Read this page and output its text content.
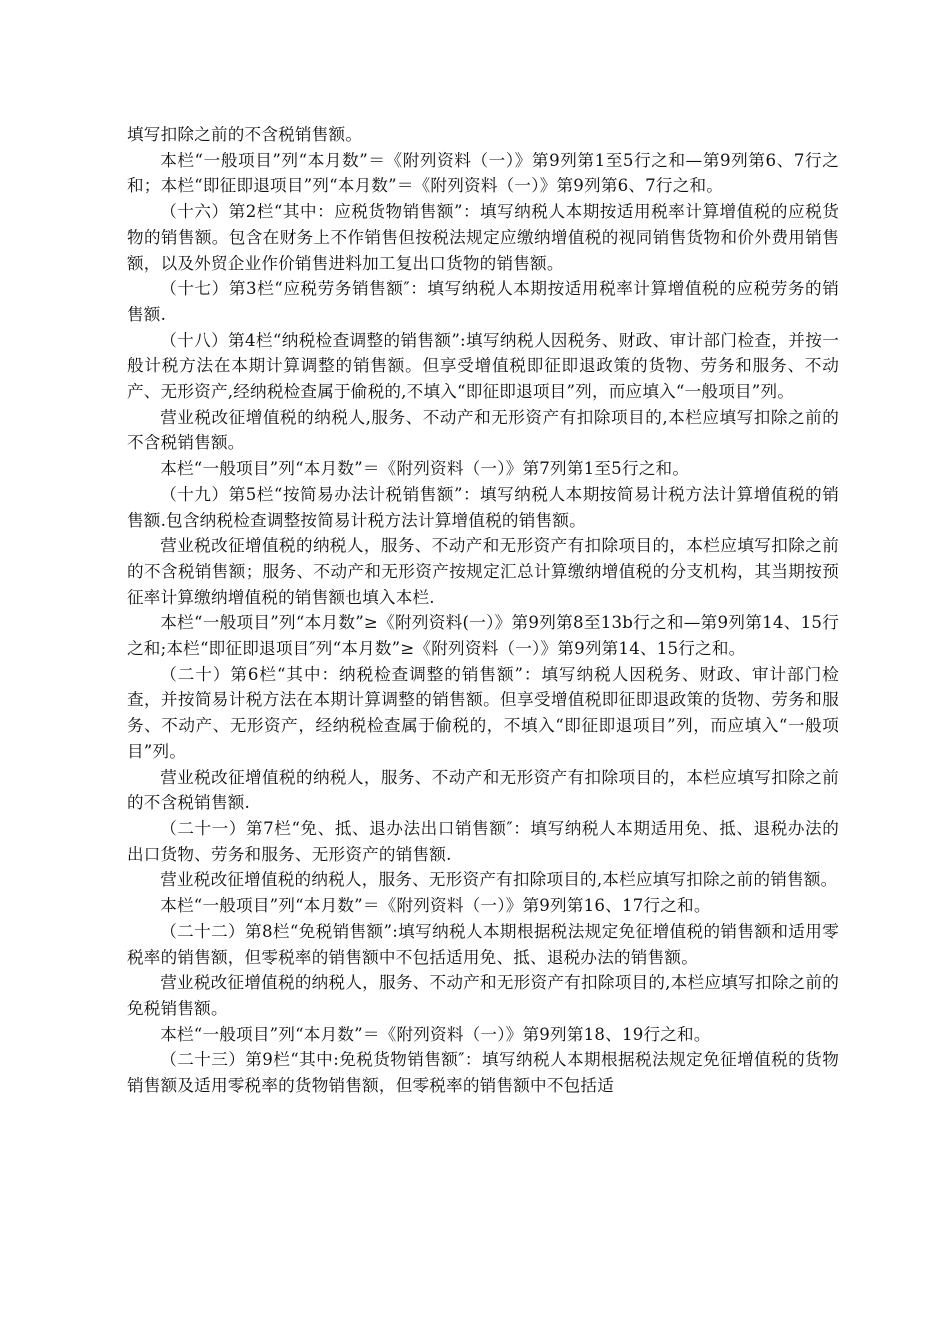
填写扣除之前的不含税销售额。

本栏“一般项目”列“本月数”＝《附列资料（一）》第9列第1至5行之和—第9列第6、7行之和；本栏“即征即退项目”列“本月数”＝《附列资料（一）》第9列第6、7行之和。

（十六）第2栏“其中：应税货物销售额”：填写纳税人本期按适用税率计算增值税的应税货物的销售额。包含在财务上不作销售但按税法规定应缴纳增值税的视同销售货物和价外费用销售额，以及外贸企业作价销售进料加工复出口货物的销售额。

（十七）第3栏“应税劳务销售额″：填写纳税人本期按适用税率计算增值税的应税劳务的销售额.

（十八）第4栏“纳税检查调整的销售额”:填写纳税人因税务、财政、审计部门检查，并按一般计税方法在本期计算调整的销售额。但享受增值税即征即退政策的货物、劳务和服务、不动产、无形资产,经纳税检查属于偷税的,不填入“即征即退项目”列，而应填入“一般项目”列。

营业税改征增值税的纳税人,服务、不动产和无形资产有扣除项目的,本栏应填写扣除之前的不含税销售额。

本栏“一般项目”列“本月数”＝《附列资料（一）》第7列第1至5行之和。

（十九）第5栏“按简易办法计税销售额”：填写纳税人本期按简易计税方法计算增值税的销售额.包含纳税检查调整按简易计税方法计算增值税的销售额。

营业税改征增值税的纳税人，服务、不动产和无形资产有扣除项目的，本栏应填写扣除之前的不含税销售额；服务、不动产和无形资产按规定汇总计算缴纳增值税的分支机构，其当期按预征率计算缴纳增值税的销售额也填入本栏.

本栏“一般项目”列“本月数”≥《附列资料(一）》第9列第8至13b行之和—第9列第14、15行之和;本栏“即征即退项目″列“本月数”≥《附列资料（一）》第9列第14、15行之和。

（二十）第6栏“其中：纳税检查调整的销售额”：填写纳税人因税务、财政、审计部门检查，并按简易计税方法在本期计算调整的销售额。但享受增值税即征即退政策的货物、劳务和服务、不动产、无形资产，经纳税检查属于偷税的，不填入“即征即退项目”列，而应填入“一般项目”列。

营业税改征增值税的纳税人，服务、不动产和无形资产有扣除项目的，本栏应填写扣除之前的不含税销售额.

（二十一）第7栏“免、抵、退办法出口销售额″：填写纳税人本期适用免、抵、退税办法的出口货物、劳务和服务、无形资产的销售额.

营业税改征增值税的纳税人，服务、无形资产有扣除项目的,本栏应填写扣除之前的销售额。

本栏“一般项目”列“本月数”＝《附列资料（一）》第9列第16、17行之和。

（二十二）第8栏“免税销售额”:填写纳税人本期根据税法规定免征增值税的销售额和适用零税率的销售额，但零税率的销售额中不包括适用免、抵、退税办法的销售额。

营业税改征增值税的纳税人，服务、不动产和无形资产有扣除项目的,本栏应填写扣除之前的免税销售额。

本栏“一般项目”列“本月数”＝《附列资料（一）》第9列第18、19行之和。

（二十三）第9栏“其中:免税货物销售额″：填写纳税人本期根据税法规定免征增值税的货物销售额及适用零税率的货物销售额，但零税率的销售额中不包括适
